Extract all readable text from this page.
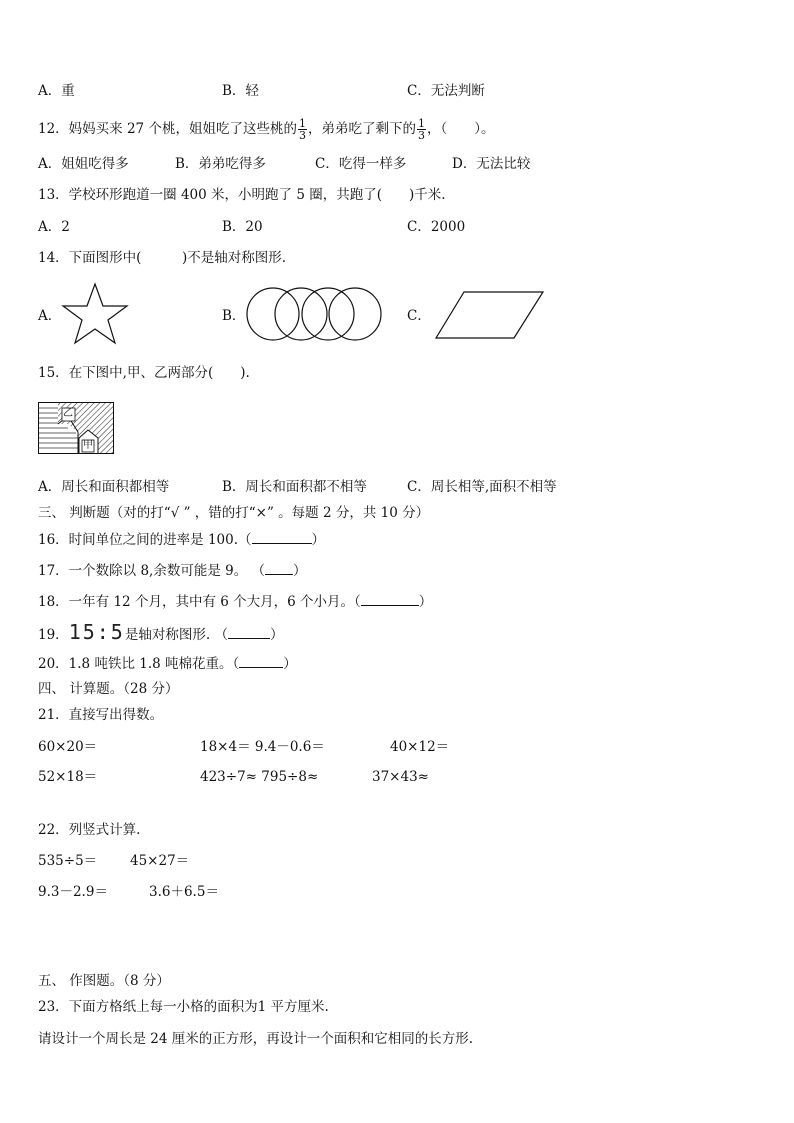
A．重	B．轻	C．无法判断
12．妈妈买来 27 个桃，姐姐吃了这些桃的 $\frac{1}{3}$ ，弟弟吃了剩下的 $\frac{1}{3}$ ，（　　）。
A．姐姐吃得多	B．弟弟吃得多	C．吃得一样多	D．无法比较
13．学校环形跑道一圈 400 米，小明跑了 5 圈，共跑了(　　)千米.
A．2	B．20	C．2000
14．下面图形中(　　　)不是轴对称图形.
A．	B．	C．
15．在下图中,甲、乙两部分(　　).
乙
甲
A．周长和面积都相等	B．周长和面积都不相等	C．周长相等,面积不相等
三、 判断题（对的打“√ ” ，错的打“×” 。每题 2 分，共 10 分）
16．时间单位之间的进率是 100.（	）
17．一个数除以 8,余数可能是 9。 （ ）
18．一年有 12 个月，其中有 6 个大月，6 个小月。（	）
19．15:5是轴对称图形. （	）
20．1.8 吨铁比 1.8 吨棉花重。（	）
四、 计算题。（28 分）
21．直接写出得数。
60×20＝	18×4＝ 9.4－0.6＝	40×12＝
52×18＝	423÷7≈ 795÷8≈	37×43≈
22．列竖式计算.
535÷5＝ 45×27＝
9.3－2.9＝	3.6＋6.5＝
五、 作图题。（8 分）
23．下面方格纸上每一小格的面积为1 平方厘米.
请设计一个周长是 24 厘米的正方形，再设计一个面积和它相同的长方形.
